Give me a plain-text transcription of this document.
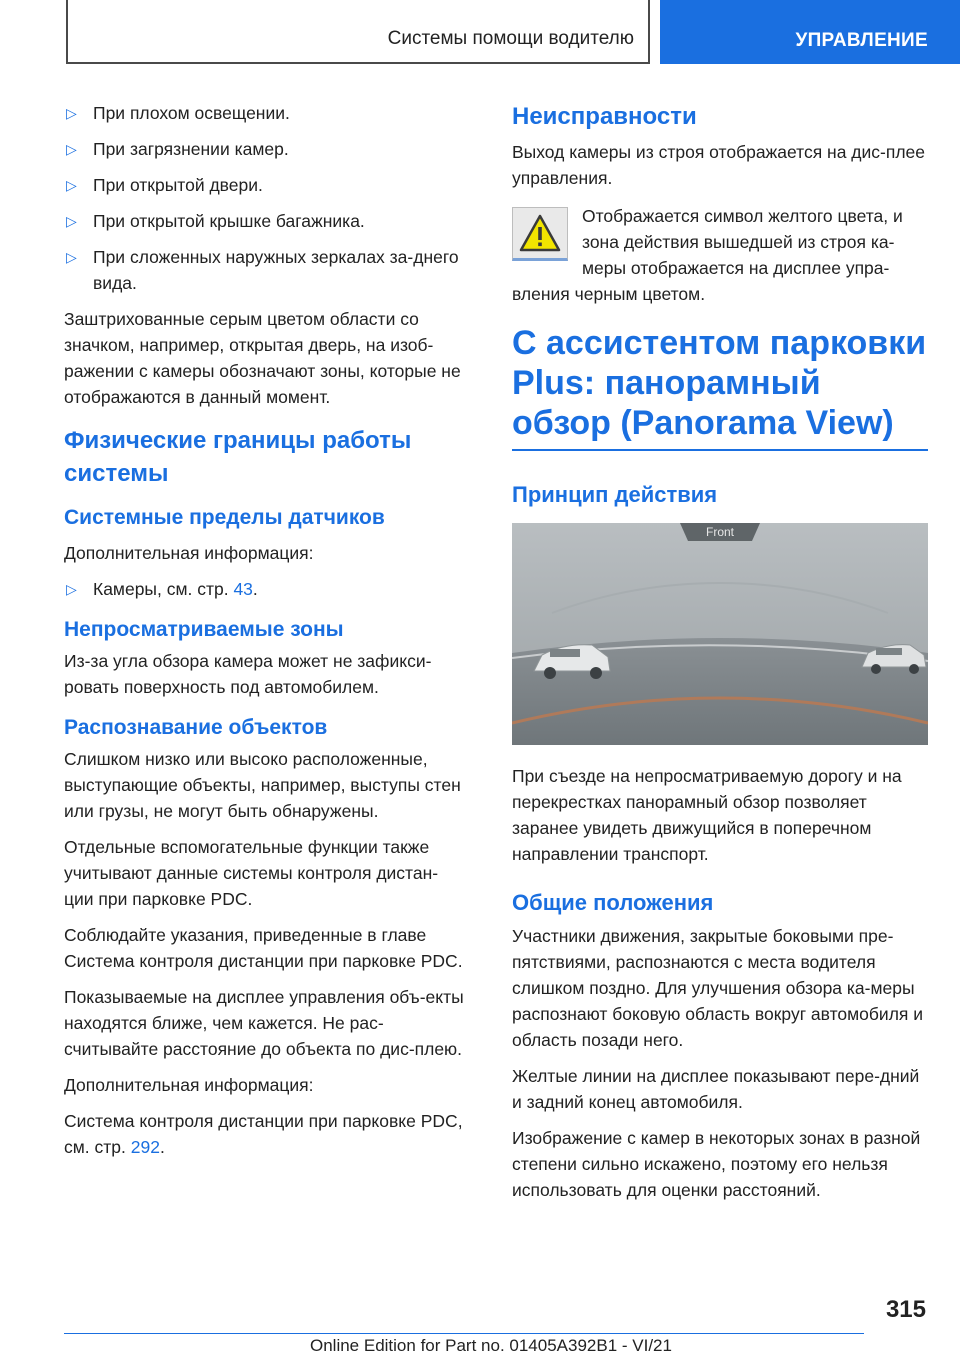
Системы помощи водителю	УПРАВЛЕНИЕ
▷ При плохом освещении.
▷ При загрязнении камер.
▷ При открытой двери.
▷ При открытой крышке багажника.
▷ При сложенных наружных зеркалах за-днего вида.

Заштрихованные серым цветом области со значком, например, открытая дверь, на изоб-ражении с камеры обозначают зоны, которые не отображаются в данный момент.

Физические границы работы системы
Системные пределы датчиков

Дополнительная информация:

▷ Камеры, см. стр. 43.
Непросматриваемые зоны

Из-за угла обзора камера может не зафикси-ровать поверхность под автомобилем.

Распознавание объектов

Слишком низко или высоко расположенные, выступающие объекты, например, выступы стен или грузы, не могут быть обнаружены.

Отдельные вспомогательные функции также учитывают данные системы контроля дистан-ции при парковке PDC.

Соблюдайте указания, приведенные в главе Система контроля дистанции при парковке PDC.

Показываемые на дисплее управления объ-екты находятся ближе, чем кажется. Не рас-считывайте расстояние до объекта по дис-плею.

Дополнительная информация:

Система контроля дистанции при парковке PDC, см. стр. 292.

Неисправности

Выход камеры из строя отображается на дис-плее управления.

Отображается символ желтого цвета, и зона действия вышедшей из строя ка-меры отображается на дисплее упра-вления черным цветом.

С ассистентом парковки Plus: панорамный обзор (Panorama View)
Принцип действия
Front

При съезде на непросматриваемую дорогу и на перекрестках панорамный обзор позволяет заранее увидеть движущийся в поперечном направлении транспорт.

Общие положения

Участники движения, закрытые боковыми пре-пятствиями, распознаются с места водителя слишком поздно. Для улучшения обзора ка-меры распознают боковую область вокруг автомобиля и область позади него.

Желтые линии на дисплее показывают пере-дний и задний конец автомобиля.

Изображение с камер в некоторых зонах в разной степени сильно искажено, поэтому его нельзя использовать для оценки расстояний.

315
Online Edition for Part no. 01405A392B1 - VI/21
